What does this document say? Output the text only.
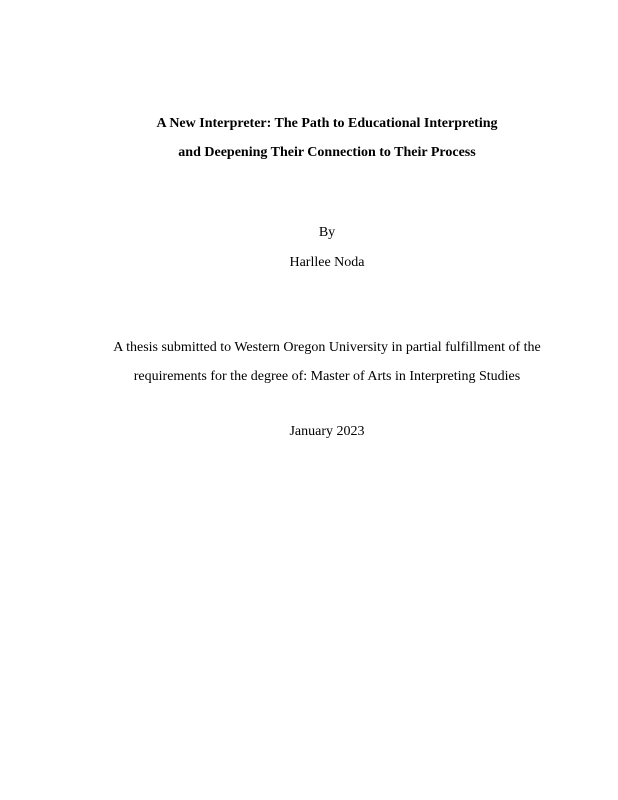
A New Interpreter: The Path to Educational Interpreting
and Deepening Their Connection to Their Process
By
Harllee Noda
A thesis submitted to Western Oregon University in partial fulfillment of the
requirements for the degree of: Master of Arts in Interpreting Studies
January 2023
